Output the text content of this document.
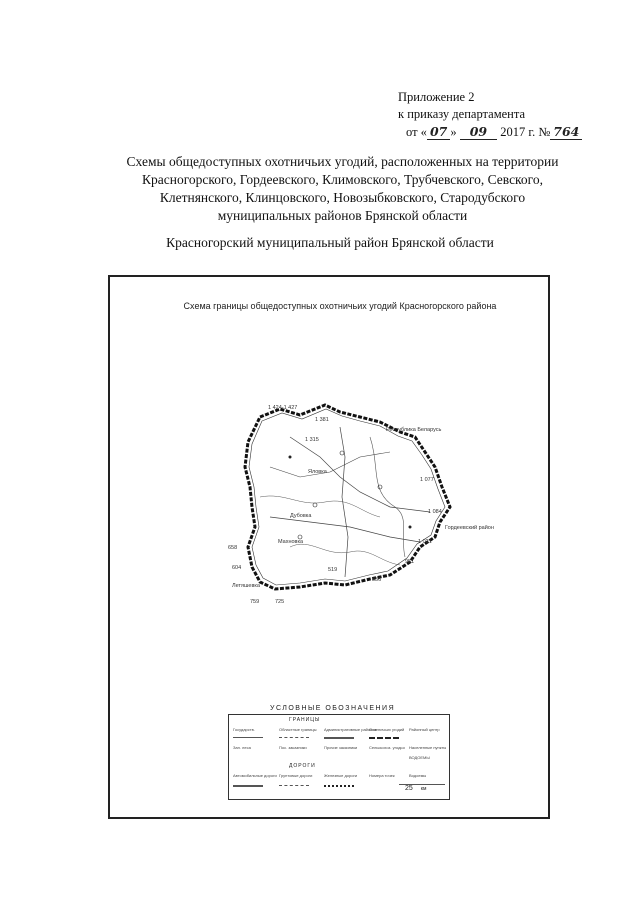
Приложение 2
к приказу департамента
от « 07 » 09 2017 г. № 764
Схемы общедоступных охотничьих угодий, расположенных на территории
Красногорского, Гордеевского, Климовского, Трубчевского, Севского,
Клетнянского, Клинцовского, Новозыбковского, Стародубского
муниципальных районов Брянской области
Красногорский муниципальный район Брянской области
Схема границы общедоступных охотничьих угодий Красногорского района
Республика Беларусь
Гордеевский район
1 424-1 427
1 381
1 315
1 077
1 084
658
604
759	725
519
856
951
1 021
Дубовка
Махновка
Яловка
Летяшевка
УСЛОВНЫЕ ОБОЗНАЧЕНИЯ
ГРАНИЦЫ
ДОРОГИ
Государств.	Областные границы Административные районов
Охотничьих угодий Районный центр
Зап. леса	Пос. заказники	Прочие заказники	Сельскохоз. угодья Населенные пункты
Автомобильные дороги Грунтовые дороги	Железные дороги	Номера точек	Водоемы
ВОДОЕМЫ
25 км
